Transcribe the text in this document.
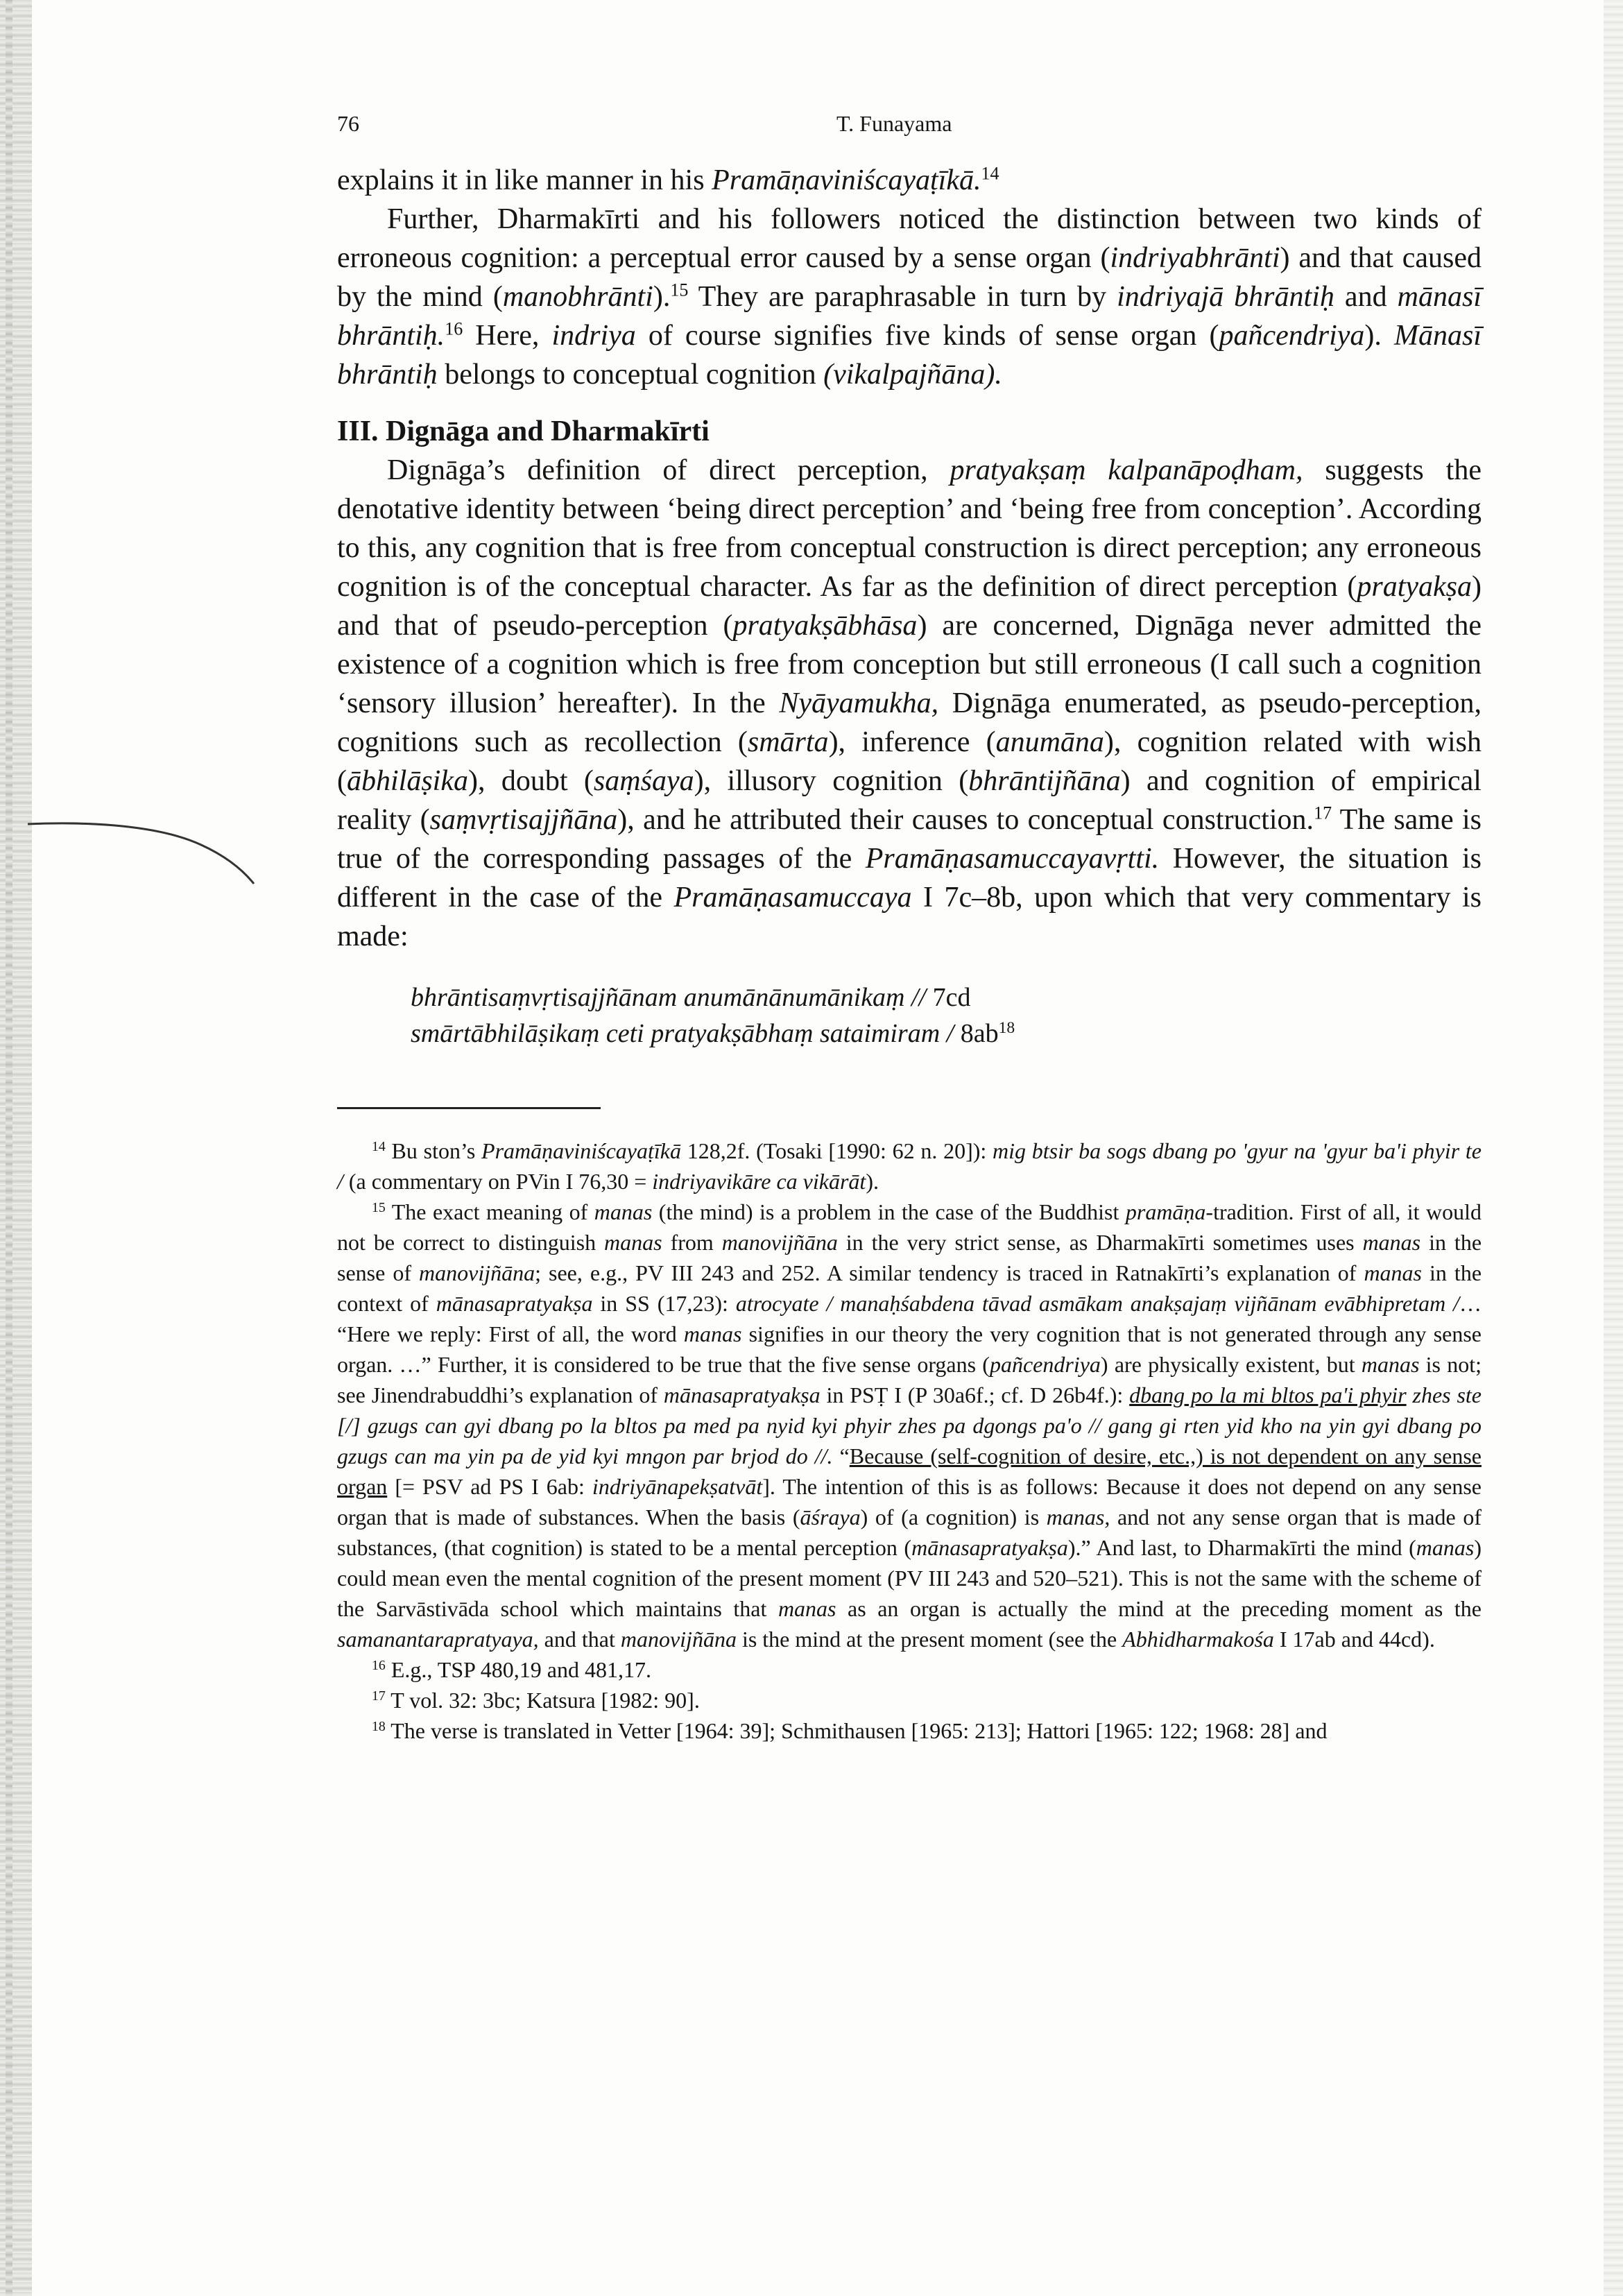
76	T. Funayama

explains it in like manner in his Pramāṇaviniścayaṭīkā.$^{14}$

Further, Dharmakīrti and his followers noticed the distinction between two kinds of erroneous cognition: a perceptual error caused by a sense organ (indriyabhrānti) and that caused by the mind (manobhrānti).$^{15}$ They are paraphrasable in turn by indriyajā bhrāntiḥ and mānasī bhrāntiḥ.$^{16}$ Here, indriya of course signifies five kinds of sense organ (pañcendriya). Mānasī bhrāntiḥ belongs to conceptual cognition (vikalpajñāna).

III. Dignāga and Dharmakīrti

Dignāga’s definition of direct perception, pratyakṣaṃ kalpanāpoḍham, suggests the denotative identity between ‘being direct perception’ and ‘being free from conception’. According to this, any cognition that is free from conceptual construction is direct perception; any erroneous cognition is of the conceptual character. As far as the definition of direct perception (pratyakṣa) and that of pseudo-perception (pratyakṣābhāsa) are concerned, Dignāga never admitted the existence of a cognition which is free from conception but still erroneous (I call such a cognition ‘sensory illusion’ hereafter). In the Nyāyamukha, Dignāga enumerated, as pseudo-perception, cognitions such as recollection (smārta), inference (anumāna), cognition related with wish (ābhilāṣika), doubt (saṃśaya), illusory cognition (bhrāntijñāna) and cognition of empirical reality (saṃvṛtisajjñāna), and he attributed their causes to conceptual construction.$^{17}$ The same is true of the corresponding passages of the Pramāṇasamuccayavṛtti. However, the situation is different in the case of the Pramāṇasamuccaya I 7c–8b, upon which that very commentary is made:

bhrāntisaṃvṛtisajjñānam anumānānumānikaṃ // 7cd
smārtābhilāṣikaṃ ceti pratyakṣābhaṃ sataimiram / $8ab^{18}$

$^{14}$ Bu ston’s Pramāṇaviniścayaṭīkā 128,2f. (Tosaki [1990: 62 n. 20]): mig btsir ba sogs dbang po 'gyur na 'gyur ba'i phyir te / (a commentary on PVin I 76,30 = indriyavikāre ca vikārāt).

$^{15}$ The exact meaning of manas (the mind) is a problem in the case of the Buddhist pramāṇa-tradition. First of all, it would not be correct to distinguish manas from manovijñāna in the very strict sense, as Dharmakīrti sometimes uses manas in the sense of manovijñāna; see, e.g., PV III 243 and 252. A similar tendency is traced in Ratnakīrti’s explanation of manas in the context of mānasapratyakṣa in SS (17,23): atrocyate / manaḥśabdena tāvad asmākam anakṣajaṃ vijñānam evābhipretam /… “Here we reply: First of all, the word manas signifies in our theory the very cognition that is not generated through any sense organ. …” Further, it is considered to be true that the five sense organs (pañcendriya) are physically existent, but manas is not; see Jinendrabuddhi’s explanation of mānasapratyakṣa in PSṬ I (P 30a6f.; cf. D 26b4f.): dbang po la mi bltos pa'i phyir zhes ste [/] gzugs can gyi dbang po la bltos pa med pa nyid kyi phyir zhes pa dgongs pa'o // gang gi rten yid kho na yin gyi dbang po gzugs can ma yin pa de yid kyi mngon par brjod do //. “Because (self-cognition of desire, etc.,) is not dependent on any sense organ [= PSV ad PS I 6ab: indriyānapekṣatvāt]. The intention of this is as follows: Because it does not depend on any sense organ that is made of substances. When the basis (āśraya) of (a cognition) is manas, and not any sense organ that is made of substances, (that cognition) is stated to be a mental perception (mānasapratyakṣa).” And last, to Dharmakīrti the mind (manas) could mean even the mental cognition of the present moment (PV III 243 and 520–521). This is not the same with the scheme of the Sarvāstivāda school which maintains that manas as an organ is actually the mind at the preceding moment as the samanantarapratyaya, and that manovijñāna is the mind at the present moment (see the Abhidharmakośa I 17ab and 44cd).

$^{16}$ E.g., TSP 480,19 and 481,17.

$^{17}$ T vol. 32: 3bc; Katsura [1982: 90].

$^{18}$ The verse is translated in Vetter [1964: 39]; Schmithausen [1965: 213]; Hattori [1965: 122; 1968: 28] and
